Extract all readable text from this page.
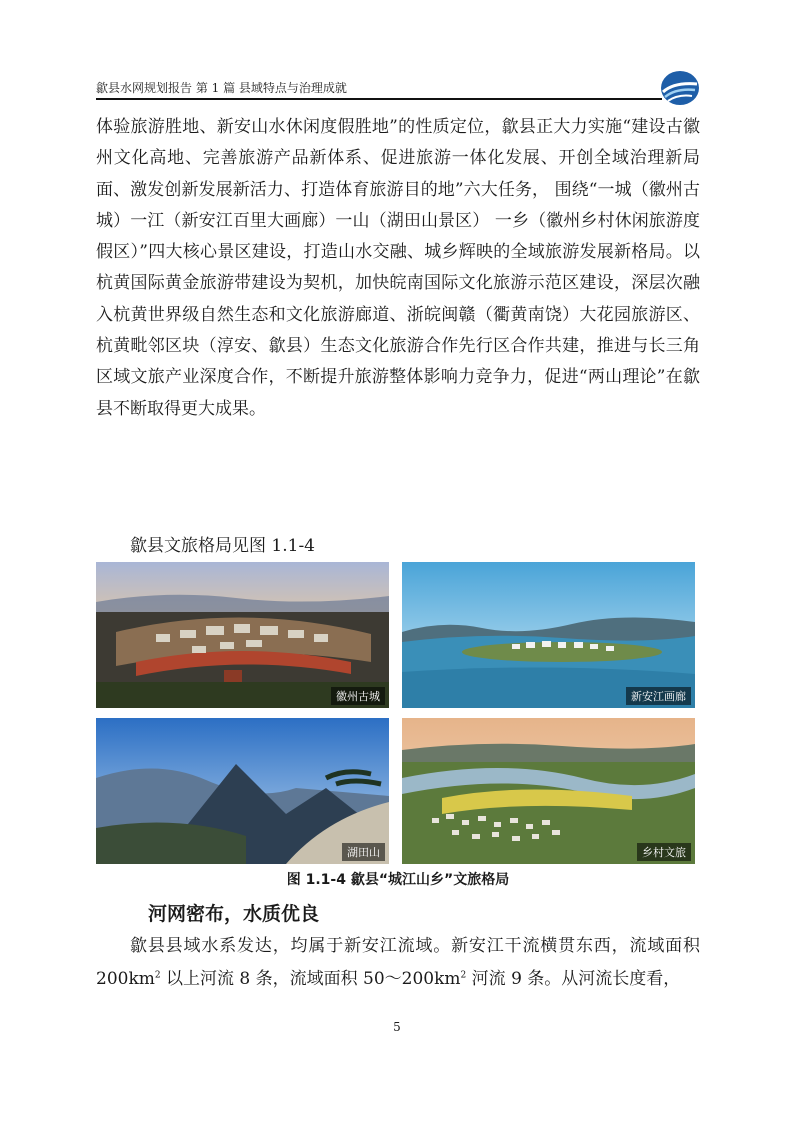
歙县水网规划报告 第 1 篇 县域特点与治理成就

体验旅游胜地、新安山水休闲度假胜地”的性质定位，歙县正大力实施“建设古徽州文化高地、完善旅游产品新体系、促进旅游一体化发展、开创全域治理新局面、激发创新发展新活力、打造体育旅游目的地”六大任务， 围绕“一城（徽州古城）一江（新安江百里大画廊）一山（湖田山景区） 一乡（徽州乡村休闲旅游度假区）”四大核心景区建设，打造山水交融、城乡辉映的全域旅游发展新格局。以杭黄国际黄金旅游带建设为契机，加快皖南国际文化旅游示范区建设，深层次融入杭黄世界级自然生态和文化旅游廊道、浙皖闽赣（衢黄南饶）大花园旅游区、杭黄毗邻区块（淳安、歙县）生态文化旅游合作先行区合作共建，推进与长三角区域文旅产业深度合作，不断提升旅游整体影响力竞争力，促进“两山理论”在歙县不断取得更大成果。

歙县文旅格局见图 1.1-4
徽州古城	新安江画廊
湖田山	乡村文旅
图 1.1-4 歙县“城江山乡”文旅格局
河网密布，水质优良

歙县县域水系发达，均属于新安江流域。新安江干流横贯东西，流域面积 $200km^2$ 以上河流 8 条，流域面积 $50\sim 200km^2$ 河流 9 条。从河流长度看，

5
